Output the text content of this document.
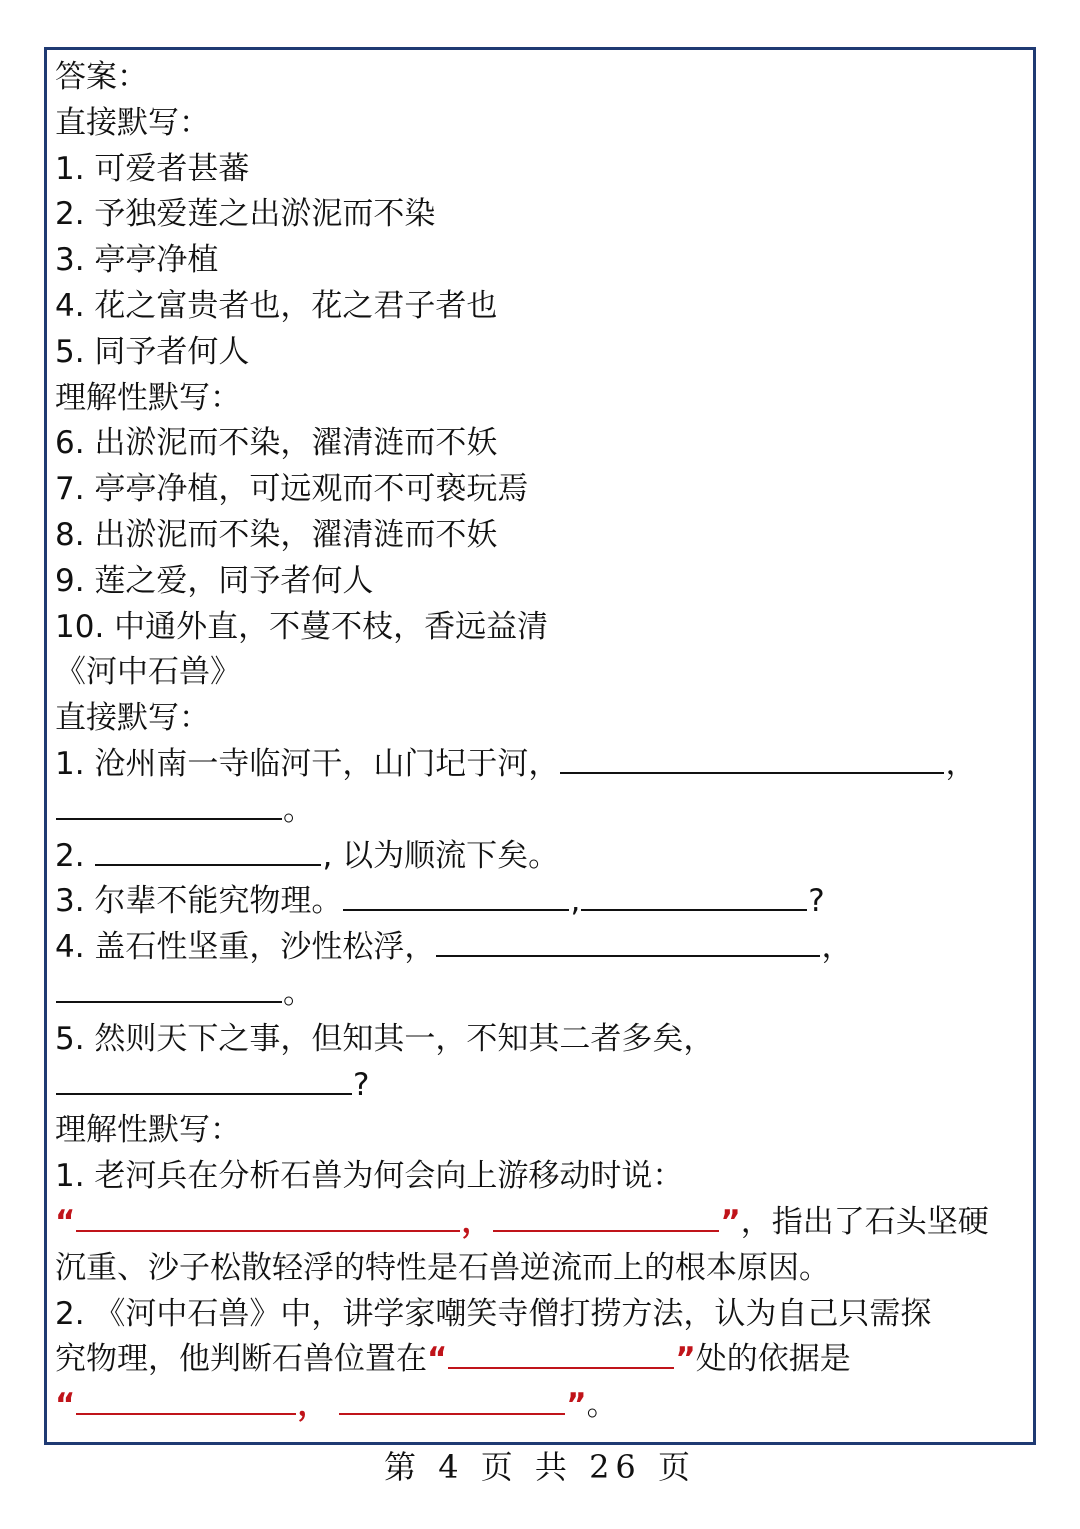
答案：
直接默写：
1. 可爱者甚蕃
2. 予独爱莲之出淤泥而不染
3. 亭亭净植
4. 花之富贵者也，花之君子者也
5. 同予者何人
理解性默写：
6. 出淤泥而不染，濯清涟而不妖
7. 亭亭净植，可远观而不可亵玩焉
8. 出淤泥而不染，濯清涟而不妖
9. 莲之爱，同予者何人
10. 中通外直，不蔓不枝，香远益清
《河中石兽》
直接默写：
1. 沧州南一寺临河干，山门圮于河，	，
。
2.	, 以为顺流下矣。
3. 尔辈不能究物理。	,	?
4. 盖石性坚重，沙性松浮，	，
。
5. 然则天下之事，但知其一，不知其二者多矣，
?
理解性默写：
1. 老河兵在分析石兽为何会向上游移动时说：
“	，	”，指出了石头坚硬
沉重、沙子松散轻浮的特性是石兽逆流而上的根本原因。
2. 《河中石兽》中，讲学家嘲笑寺僧打捞方法，认为自己只需探
究物理，他判断石兽位置在“	”处的依据是
“	，	”。
第 4 页 共 26 页
